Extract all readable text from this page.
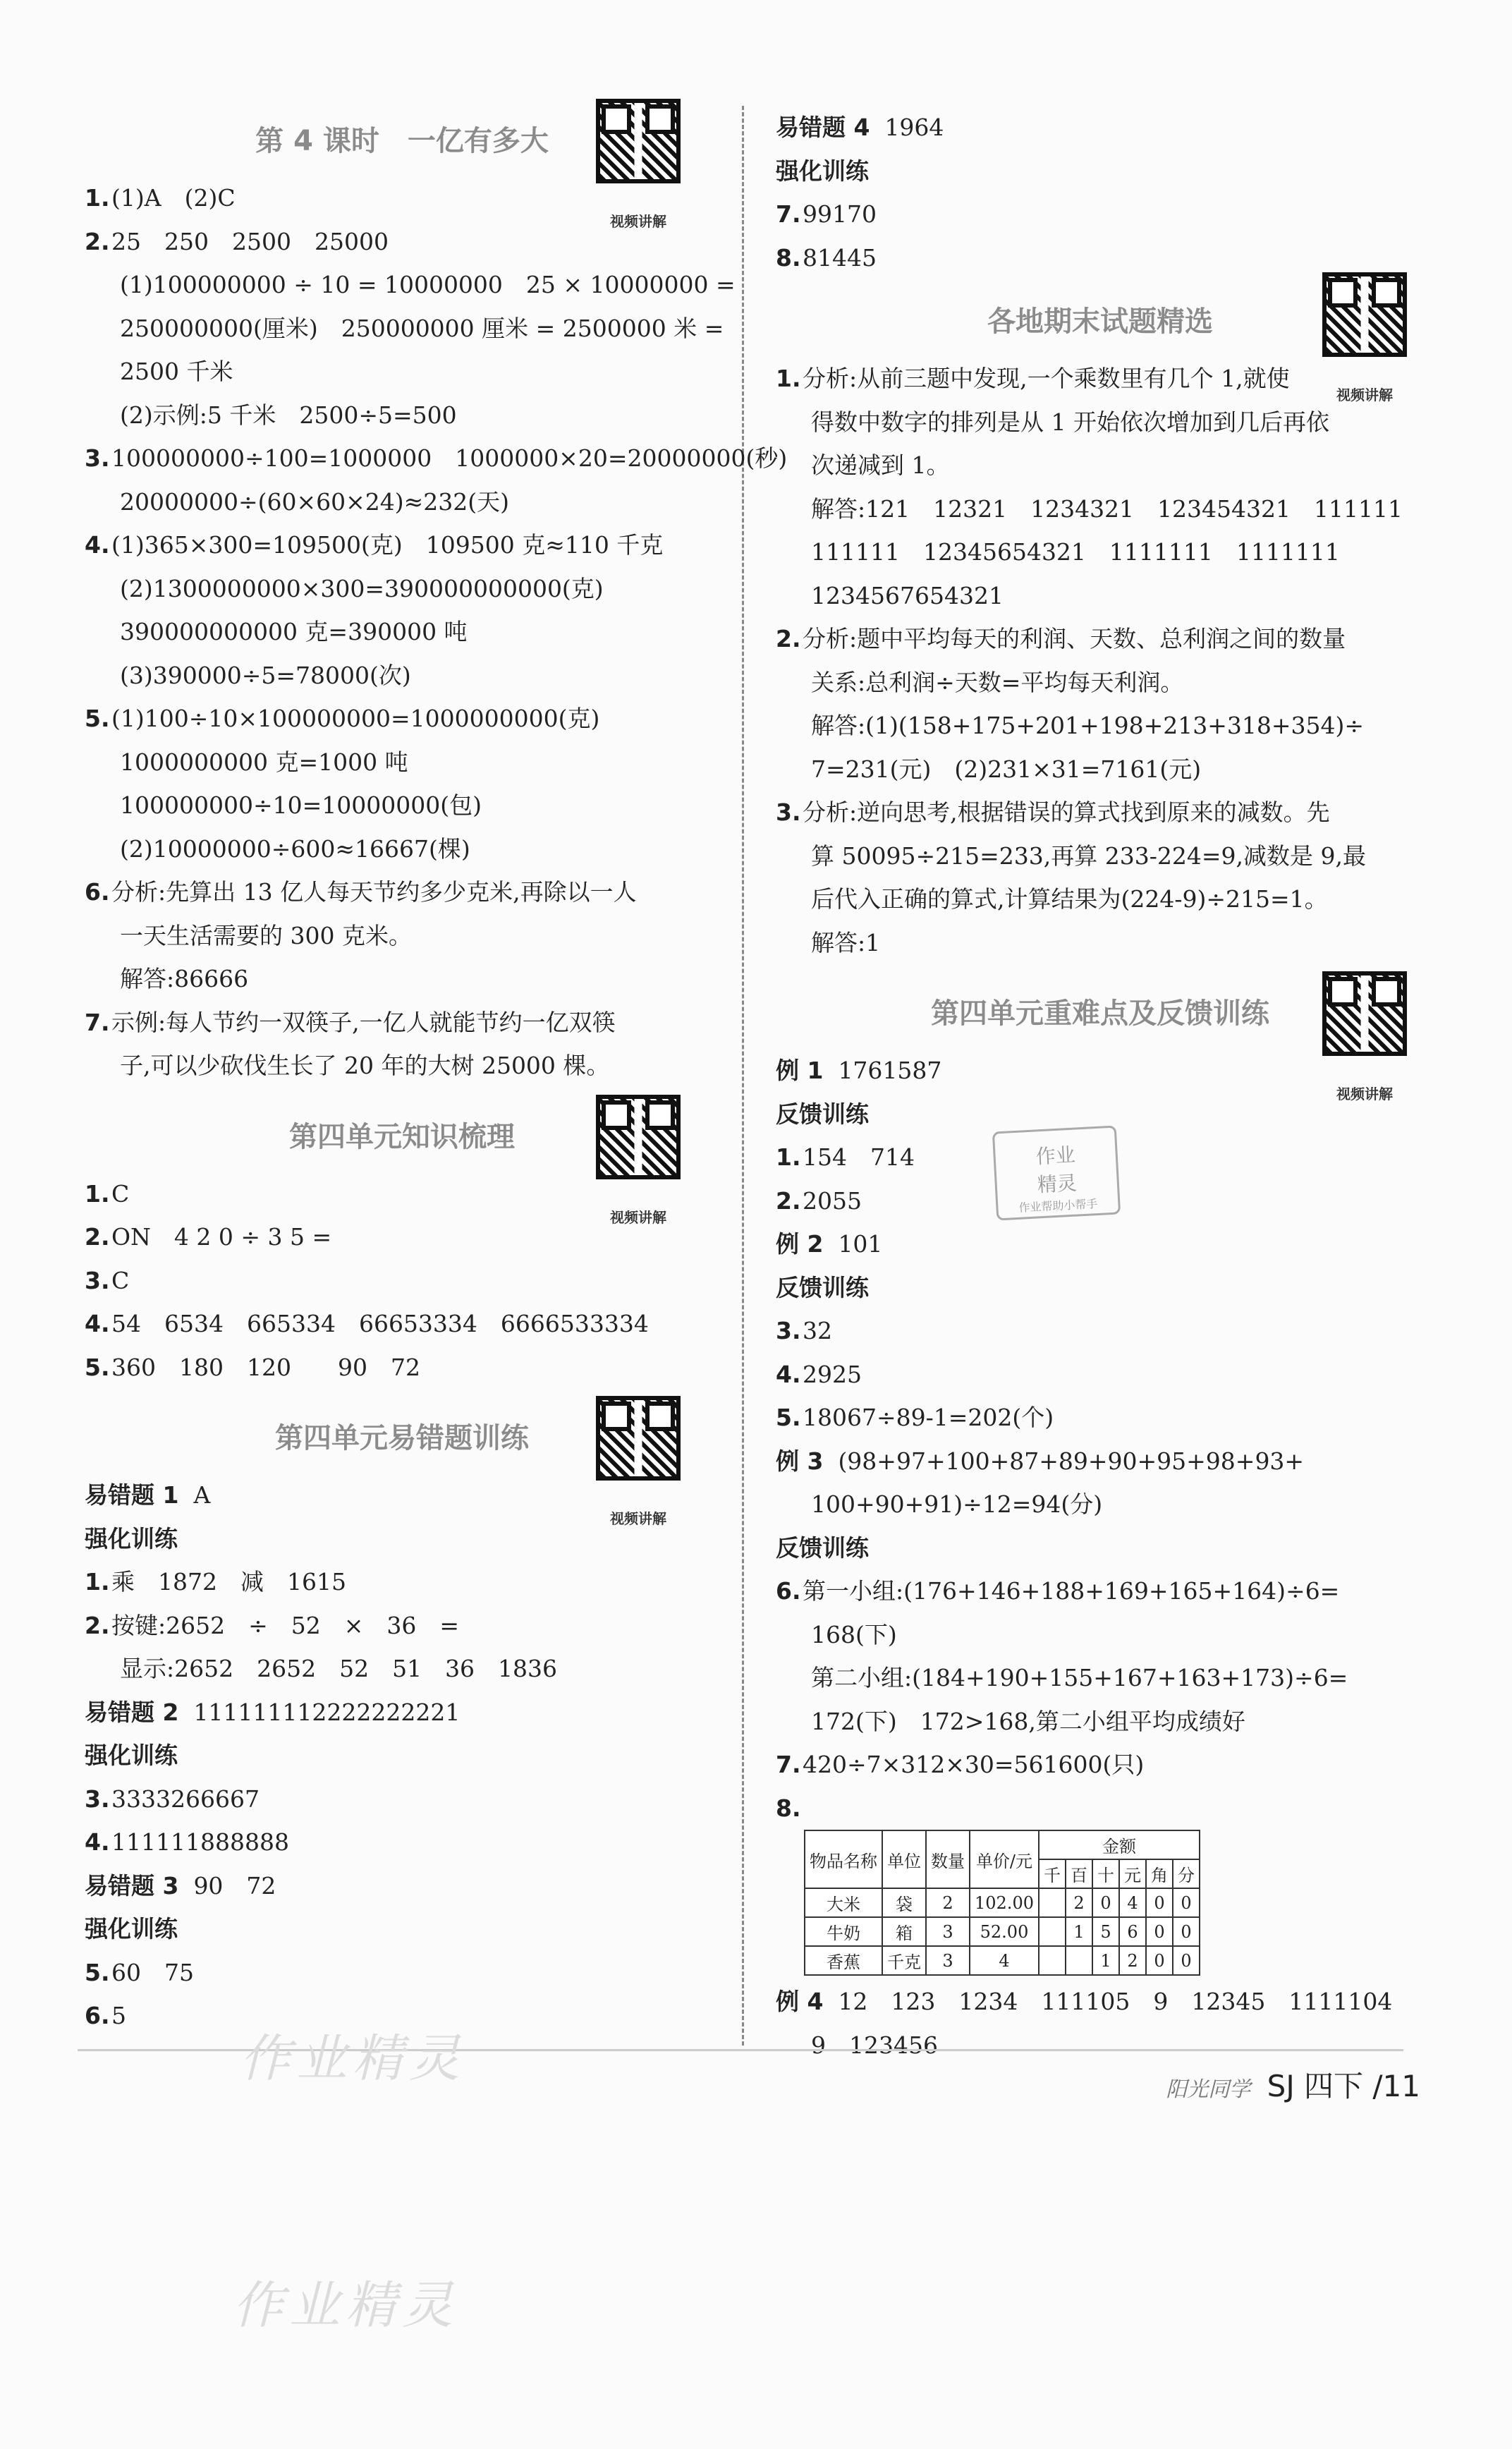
第 4 课时　一亿有多大
视频讲解
1.(1)A　(2)C
2.25　250　2500　25000
(1)100000000 ÷ 10 = 10000000　25 × 10000000 =
250000000(厘米)　250000000 厘米 = 2500000 米 =
2500 千米
(2)示例:5 千米　2500÷5=500
3.100000000÷100=1000000　1000000×20=20000000(秒)
20000000÷(60×60×24)≈232(天)
4.(1)365×300=109500(克)　109500 克≈110 千克
(2)1300000000×300=390000000000(克)
390000000000 克=390000 吨
(3)390000÷5=78000(次)
5.(1)100÷10×100000000=1000000000(克)
1000000000 克=1000 吨
100000000÷10=10000000(包)
(2)10000000÷600≈16667(棵)
6.分析:先算出 13 亿人每天节约多少克米,再除以一人
一天生活需要的 300 克米。
解答:86666
7.示例:每人节约一双筷子,一亿人就能节约一亿双筷
子,可以少砍伐生长了 20 年的大树 25000 棵。
第四单元知识梳理
视频讲解
1.C
2.ON　4 2 0 ÷ 3 5 =
3.C
4.54　6534　665334　66653334　6666533334
5.360　180　120　　90　72
第四单元易错题训练
视频讲解
易错题 1 A
强化训练
1.乘　1872　减　1615
2.按键:2652　÷　52　×　36　=
显示:2652　2652　52　51　36　1836
易错题 2 111111112222222221
强化训练
3.3333266667
4.111111888888
易错题 3 90　72
强化训练
5.60　75
6.5
易错题 4 1964
强化训练
7.99170
8.81445
各地期末试题精选
视频讲解
1.分析:从前三题中发现,一个乘数里有几个 1,就使
得数中数字的排列是从 1 开始依次增加到几后再依
次递减到 1。
解答:121　12321　1234321　123454321　111111
111111　12345654321　1111111　1111111
1234567654321
2.分析:题中平均每天的利润、天数、总利润之间的数量
关系:总利润÷天数=平均每天利润。
解答:(1)(158+175+201+198+213+318+354)÷
7=231(元)　(2)231×31=7161(元)
3.分析:逆向思考,根据错误的算式找到原来的减数。先
算 50095÷215=233,再算 233-224=9,减数是 9,最
后代入正确的算式,计算结果为(224-9)÷215=1。
解答:1
第四单元重难点及反馈训练
视频讲解
例 1 1761587
反馈训练
1.154　714
2.2055
例 2 101
反馈训练
3.32
4.2925
5.18067÷89-1=202(个)
例 3 (98+97+100+87+89+90+95+98+93+
100+90+91)÷12=94(分)
反馈训练
6.第一小组:(176+146+188+169+165+164)÷6=
168(下)
第二小组:(184+190+155+167+163+173)÷6=
172(下)　172>168,第二小组平均成绩好
7.420÷7×312×30=561600(只)
8.
物品名称	单位	数量	单价/元	金额					
				千	百	十	元	角	分
大米	袋	2	102.00		2	0	4	0	0
牛奶	箱	3	52.00		1	5	6	0	0
香蕉	千克	3	4			1	2	0	0
例 4 12　123　1234　111105　9　12345　1111104
9　123456
作业
精灵
作业帮助小帮手
作业精灵
作业精灵
阳光同学 SJ 四下 /11
